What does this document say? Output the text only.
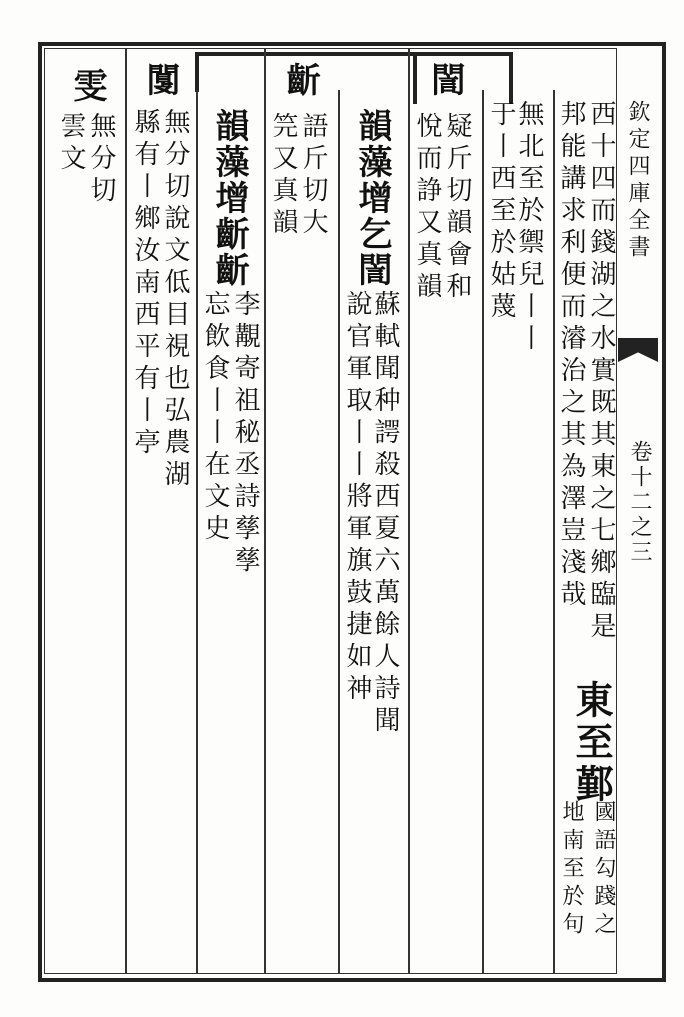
欽定四庫全書
卷十二之三
西十四而錢湖之水實既其東之七鄉臨是
邦能講求利便而濬治之其為澤豈淺哉
東至鄞
國語勾踐之
地南至於句
無北至於禦兒丨丨
于丨西至於姑蔑
誾
疑斤切韻會和
悅而諍又真韻
韻藻增乞誾
蘇軾聞种諤殺西夏六萬餘人詩聞
說官軍取丨丨將軍旗鼓捷如神
齗
語斤切大
笎又真韻
韻藻增齗齗
李覯寄祖秘丞詩孳孳
忘飲食丨丨在文史
闅
無分切說文低目視也弘農湖
縣有丨鄉汝南西平有丨亭
雯
無分切
雲文
